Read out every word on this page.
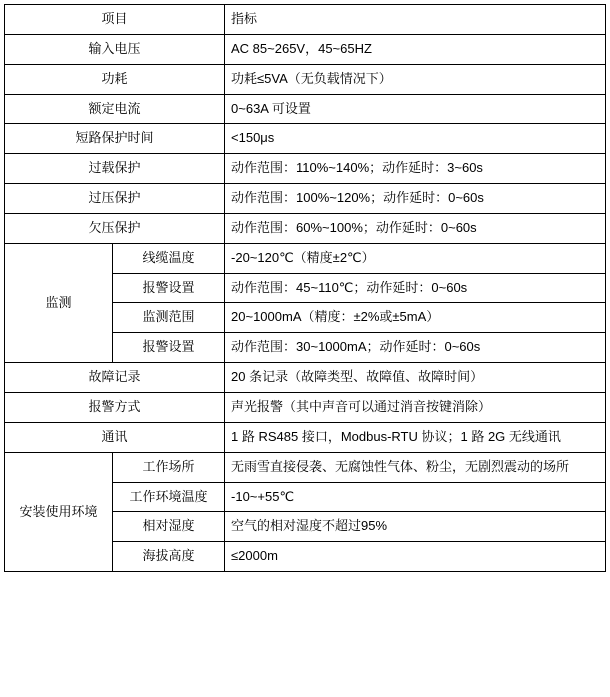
项目		指标
输入电压		AC 85~265V，45~65HZ
功耗		功耗≤5VA（无负载情况下）
额定电流		0~63A 可设置
短路保护时间		<150μs
过载保护		动作范围：110%~140%；动作延时：3~60s
过压保护		动作范围：100%~120%；动作延时：0~60s
欠压保护		动作范围：60%~100%；动作延时：0~60s
监测	线缆温度	-20~120℃（精度±2℃）
	报警设置	动作范围：45~110℃；动作延时：0~60s
	监测范围	20~1000mA（精度：±2%或±5mA）
	报警设置	动作范围：30~1000mA；动作延时：0~60s
故障记录		20 条记录（故障类型、故障值、故障时间）
报警方式		声光报警（其中声音可以通过消音按键消除）
通讯		1 路 RS485 接口，Modbus-RTU 协议；1 路 2G 无线通讯
安装使用环境	工作场所	无雨雪直接侵袭、无腐蚀性气体、粉尘，无剧烈震动的场所
	工作环境温度	-10~+55℃
	相对湿度	空气的相对湿度不超过95%
	海拔高度	≤2000m
